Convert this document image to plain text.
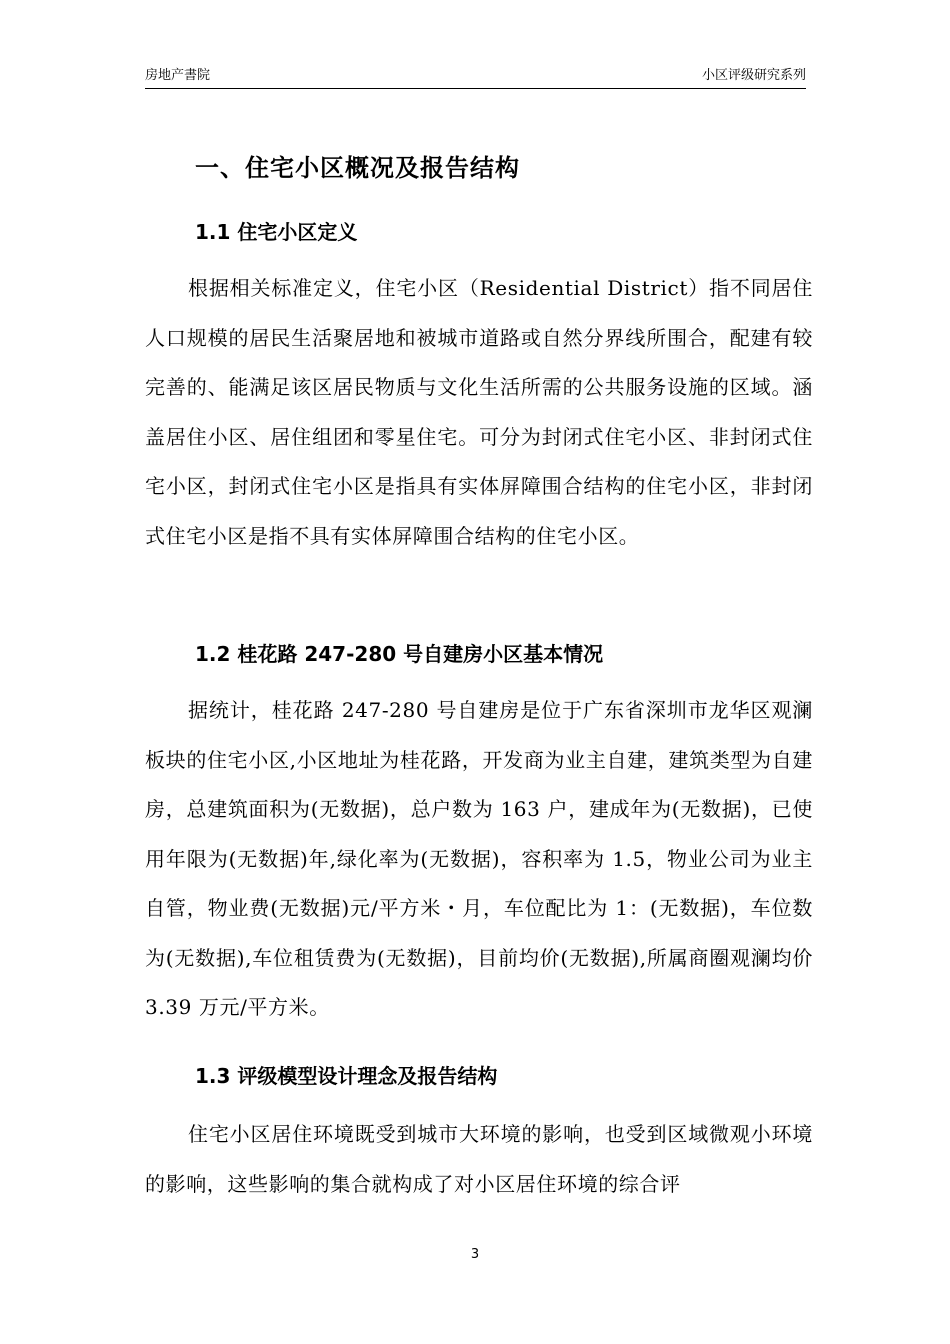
房地产書院	小区评级研究系列
一、住宅小区概况及报告结构
1.1 住宅小区定义

根据相关标准定义，住宅小区（Residential District）指不同居住人口规模的居民生活聚居地和被城市道路或自然分界线所围合，配建有较完善的、能满足该区居民物质与文化生活所需的公共服务设施的区域。涵盖居住小区、居住组团和零星住宅。可分为封闭式住宅小区、非封闭式住宅小区，封闭式住宅小区是指具有实体屏障围合结构的住宅小区，非封闭式住宅小区是指不具有实体屏障围合结构的住宅小区。

1.2 桂花路 247-280 号自建房小区基本情况

据统计，桂花路 247-280 号自建房是位于广东省深圳市龙华区观澜板块的住宅小区,小区地址为桂花路，开发商为业主自建，建筑类型为自建房，总建筑面积为(无数据)，总户数为 163 户，建成年为(无数据)，已使用年限为(无数据)年,绿化率为(无数据)，容积率为 1.5，物业公司为业主自管，物业费(无数据)元/平方米・月，车位配比为 1：(无数据)，车位数为(无数据),车位租赁费为(无数据)，目前均价(无数据),所属商圈观澜均价 3.39 万元/平方米。

1.3 评级模型设计理念及报告结构

住宅小区居住环境既受到城市大环境的影响，也受到区域微观小环境的影响，这些影响的集合就构成了对小区居住环境的综合评

3
